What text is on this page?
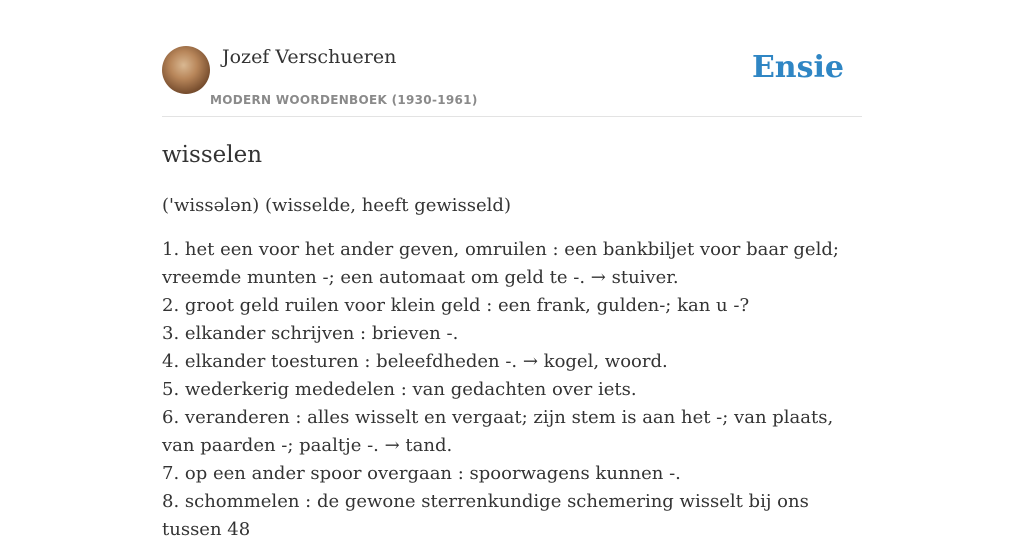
Jozef Verschueren
MODERN WOORDENBOEK (1930-1961)
Ensie
wisselen

('wissələn) (wisselde, heeft gewisseld)

1. het een voor het ander geven, omruilen : een bankbiljet voor baar geld; vreemde munten -; een automaat om geld te -. → stuiver.
2. groot geld ruilen voor klein geld : een frank, gulden-; kan u -?
3. elkander schrijven : brieven -.
4. elkander toesturen : beleefdheden -. → kogel, woord.
5. wederkerig mededelen : van gedachten over iets.
6. veranderen : alles wisselt en vergaat; zijn stem is aan het -; van plaats, van paarden -; paaltje -. → tand.
7. op een ander spoor overgaan : spoorwagens kunnen -.
8. schommelen : de gewone sterrenkundige schemering wisselt bij ons tussen 48
